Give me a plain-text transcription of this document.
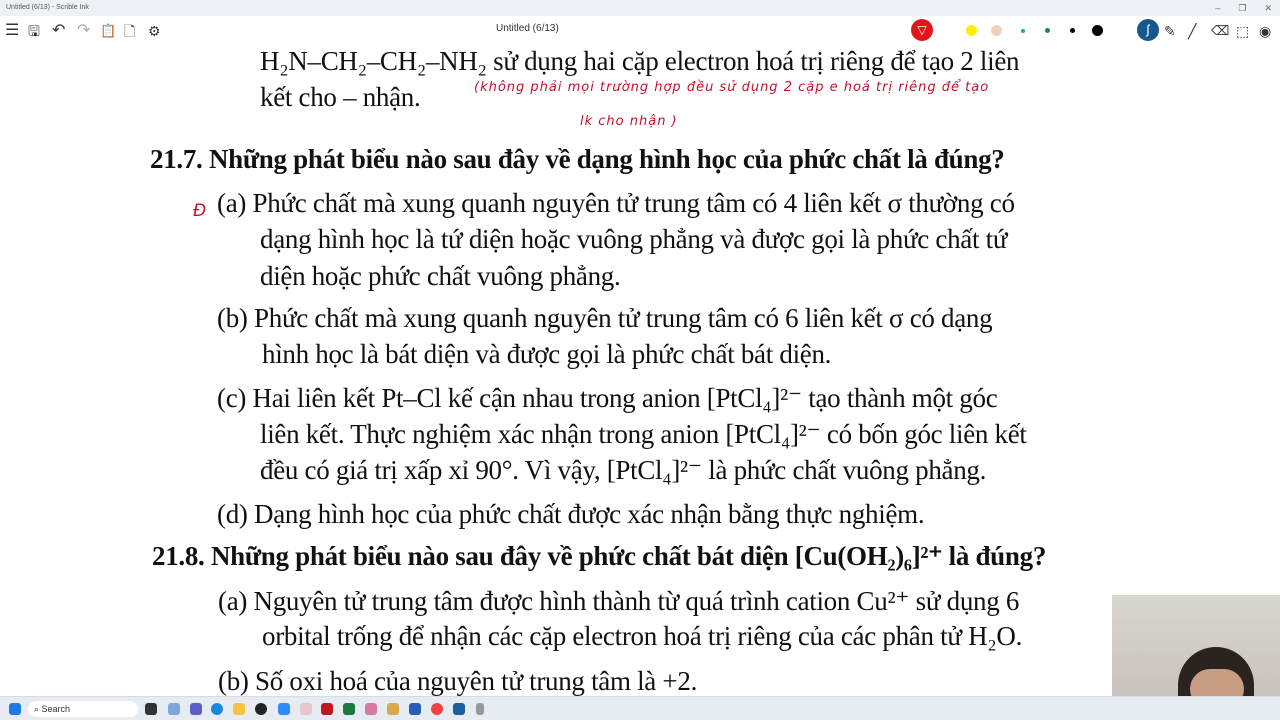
Untitled (6/13) - Scrible Ink	– ❐ ✕
☰ 🖫 ↶ ↷ 📋 🗋 ⚙	Untitled (6/13)	▽	ʃ	✎ ╱ ⌫ ⬚ ◉
H₂N–CH₂–CH₂–NH₂ sử dụng hai cặp electron hoá trị riêng để tạo 2 liên
kết cho – nhận.	(không phải mọi trường hợp đều sử dụng 2 cặp e hoá trị riêng để tạo
lk cho nhận )
21.7. Những phát biểu nào sau đây về dạng hình học của phức chất là đúng?
Đ (a) Phức chất mà xung quanh nguyên tử trung tâm có 4 liên kết σ thường có
dạng hình học là tứ diện hoặc vuông phẳng và được gọi là phức chất tứ
diện hoặc phức chất vuông phẳng.
(b) Phức chất mà xung quanh nguyên tử trung tâm có 6 liên kết σ có dạng
hình học là bát diện và được gọi là phức chất bát diện.
(c) Hai liên kết Pt–Cl kế cận nhau trong anion [PtCl₄]²⁻ tạo thành một góc
liên kết. Thực nghiệm xác nhận trong anion [PtCl₄]²⁻ có bốn góc liên kết
đều có giá trị xấp xỉ 90°. Vì vậy, [PtCl₄]²⁻ là phức chất vuông phẳng.
(d) Dạng hình học của phức chất được xác nhận bằng thực nghiệm.
21.8. Những phát biểu nào sau đây về phức chất bát diện [Cu(OH₂)₆]²⁺ là đúng?
(a) Nguyên tử trung tâm được hình thành từ quá trình cation Cu²⁺ sử dụng 6
orbital trống để nhận các cặp electron hoá trị riêng của các phân tử H₂O.
(b) Số oxi hoá của nguyên tử trung tâm là +2.
⌕ Search
